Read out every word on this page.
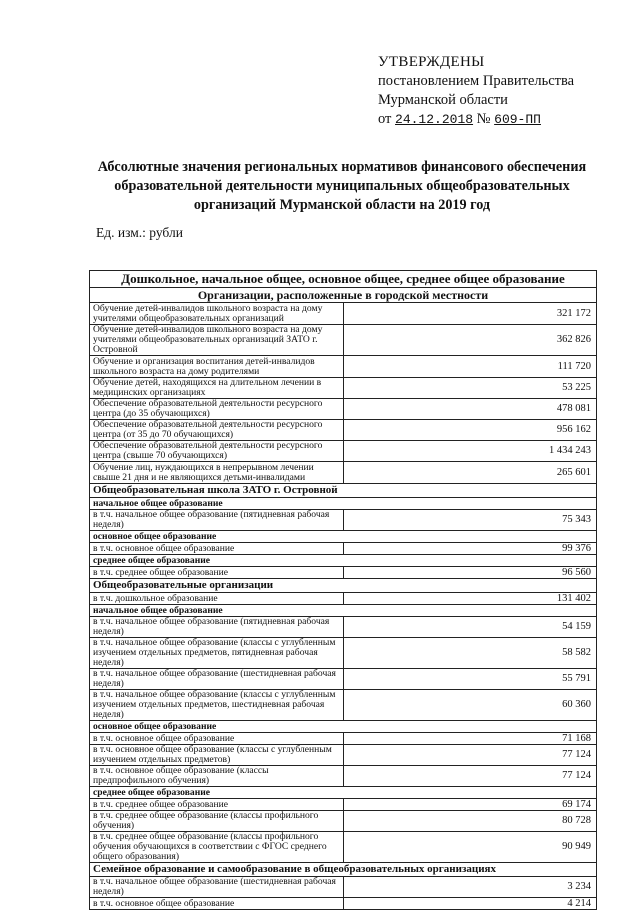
УТВЕРЖДЕНЫ
постановлением Правительства
Мурманской области
от 24.12.2018 № 609-ПП
Абсолютные значения региональных нормативов финансового обеспечения образовательной деятельности муниципальных общеобразовательных организаций Мурманской области на 2019 год
Ед. изм.: рубли
Дошкольное, начальное общее, основное общее, среднее общее образование	
Организации, расположенные в городской местности	
Обучение детей-инвалидов школьного возраста на дому учителями общеобразовательных организаций	321 172
Обучение детей-инвалидов школьного возраста на дому учителями общеобразовательных организаций ЗАТО г. Островной	362 826
Обучение и организация воспитания детей-инвалидов школьного возраста на дому родителями	111 720
Обучение детей, находящихся на длительном лечении в медицинских организациях	53 225
Обеспечение образовательной деятельности ресурсного центра (до 35 обучающихся)	478 081
Обеспечение образовательной деятельности ресурсного центра (от 35 до 70 обучающихся)	956 162
Обеспечение образовательной деятельности ресурсного центра (свыше 70 обучающихся)	1 434 243
Обучение лиц, нуждающихся в непрерывном лечении свыше 21 дня и не являющихся детьми-инвалидами	265 601
Общеобразовательная школа ЗАТО г. Островной	
начальное общее образование	
в т.ч. начальное общее образование (пятидневная рабочая неделя)	75 343
основное общее образование	
в т.ч. основное общее образование	99 376
среднее общее образование	
в т.ч. среднее общее образование	96 560
Общеобразовательные организации	
в т.ч. дошкольное образование	131 402
начальное общее образование	
в т.ч. начальное общее образование (пятидневная рабочая неделя)	54 159
в т.ч. начальное общее образование (классы с углубленным изучением отдельных предметов, пятидневная рабочая неделя)	58 582
в т.ч. начальное общее образование (шестидневная рабочая неделя)	55 791
в т.ч. начальное общее образование (классы с углубленным изучением отдельных предметов, шестидневная рабочая неделя)	60 360
основное общее образование	
в т.ч. основное общее образование	71 168
в т.ч. основное общее образование (классы с углубленным изучением отдельных предметов)	77 124
в т.ч. основное общее образование (классы предпрофильного обучения)	77 124
среднее общее образование	
в т.ч. среднее общее образование	69 174
в т.ч. среднее общее образование (классы профильного обучения)	80 728
в т.ч. среднее общее образование (классы профильного обучения обучающихся в соответствии с ФГОС среднего общего образования)	90 949
Семейное образование и самообразование в общеобразовательных организациях	
в т.ч. начальное общее образование (шестидневная рабочая неделя)	3 234
в т.ч. основное общее образование	4 214
